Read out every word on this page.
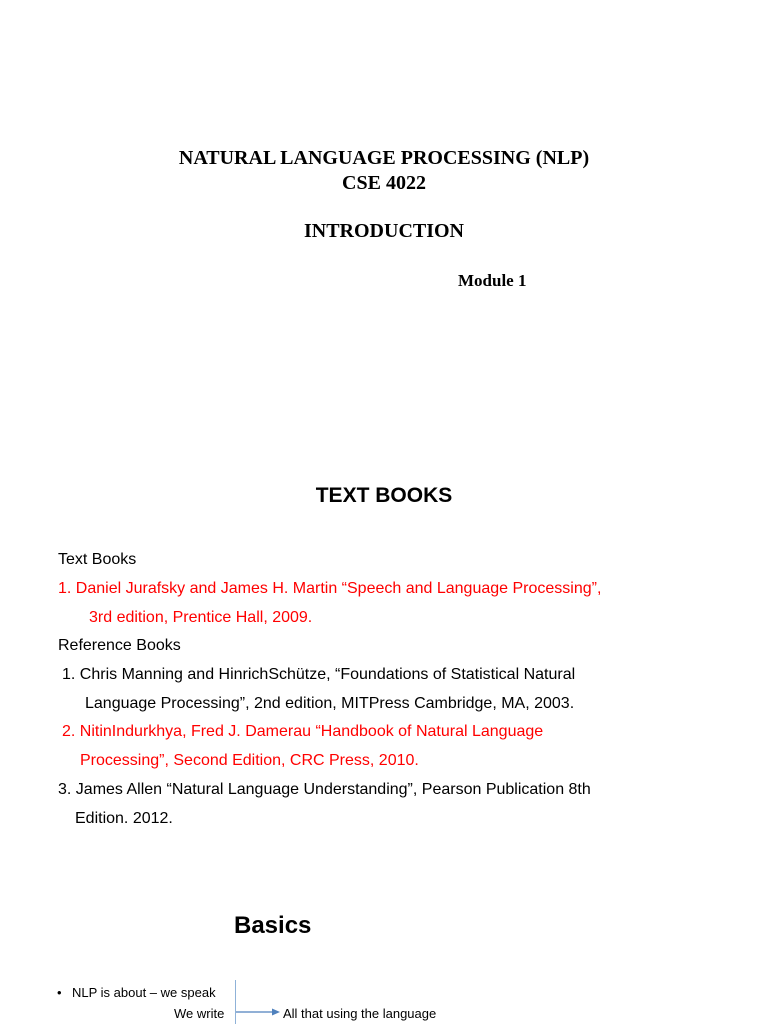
NATURAL LANGUAGE PROCESSING (NLP)
CSE 4022
INTRODUCTION
Module 1
TEXT BOOKS
Text Books
1. Daniel Jurafsky and James H. Martin “Speech and Language Processing”,
3rd edition, Prentice Hall, 2009.
Reference Books
1. Chris Manning and HinrichSchütze, “Foundations of Statistical Natural
Language Processing”, 2nd edition, MITPress Cambridge, MA, 2003.
2. NitinIndurkhya, Fred J. Damerau “Handbook of Natural Language
Processing”, Second Edition, CRC Press, 2010.
3. James Allen “Natural Language Understanding”, Pearson Publication 8th
Edition. 2012.
Basics
• NLP is about – we speak
We write	All that using the language
